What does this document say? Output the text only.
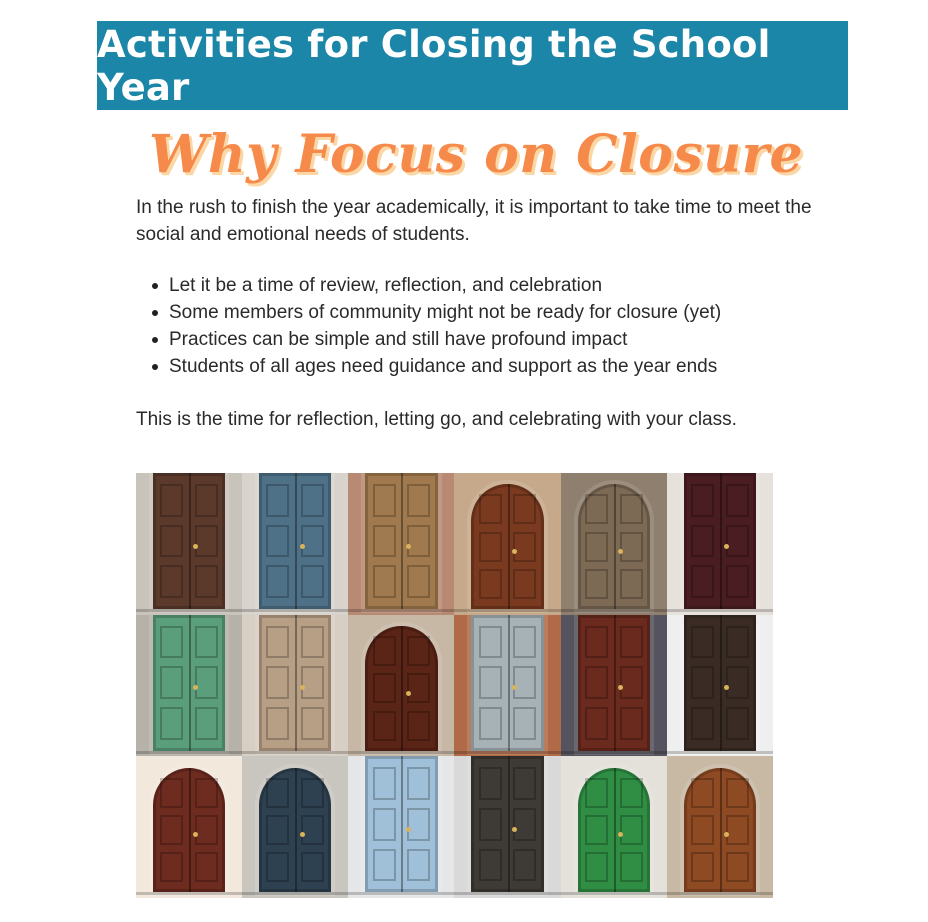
Activities for Closing the School Year
Why Focus on Closure

In the rush to finish the year academically, it is important to take time to meet the social and emotional needs of students.

Let it be a time of review, reflection, and celebration
Some members of community might not be ready for closure (yet)
Practices can be simple and still have profound impact
Students of all ages need guidance and support as the year ends

This is the time for reflection, letting go, and celebrating with your class.
